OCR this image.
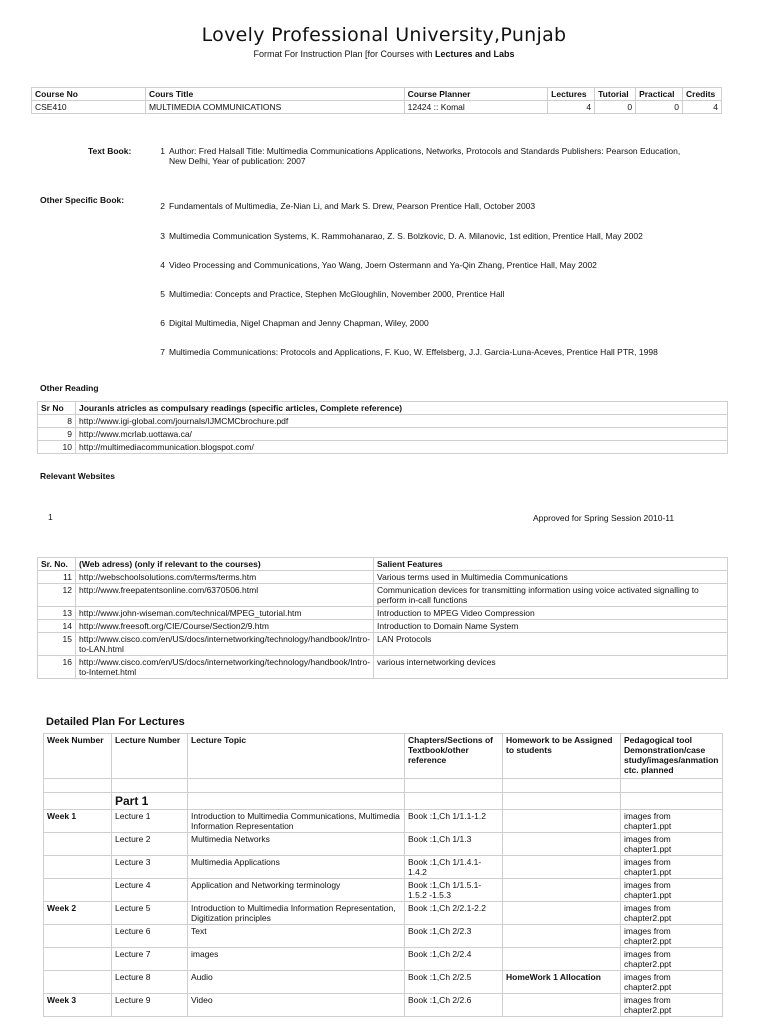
Lovely Professional University,Punjab
Format For Instruction Plan [for Courses with Lectures and Labs
Course No	Cours Title	Course Planner	Lectures	Tutorial	Practical	Credits
CSE410	MULTIMEDIA COMMUNICATIONS	12424 :: Komal	4	0	0	4
Text Book:	1 Author: Fred Halsall Title: Multimedia Communications Applications, Networks, Protocols and Standards Publishers: Pearson Education, New Delhi, Year of publication: 2007
Other Specific Book:
2 Fundamentals of Multimedia, Ze-Nian Li, and Mark S. Drew, Pearson Prentice Hall, October 2003
3 Multimedia Communication Systems, K. Rammohanarao, Z. S. Bolzkovic, D. A. Milanovic, 1st edition, Prentice Hall, May 2002
4 Video Processing and Communications, Yao Wang, Joern Ostermann and Ya-Qin Zhang, Prentice Hall, May 2002
5 Multimedia: Concepts and Practice, Stephen McGloughlin, November 2000, Prentice Hall
6 Digital Multimedia, Nigel Chapman and Jenny Chapman, Wiley, 2000
7 Multimedia Communications: Protocols and Applications, F. Kuo, W. Effelsberg, J.J. Garcia-Luna-Aceves, Prentice Hall PTR, 1998
Other Reading
Sr No	Jouranls atricles as compulsary readings (specific articles, Complete reference)
8	http://www.igi-global.com/journals/IJMCMCbrochure.pdf
9	http://www.mcrlab.uottawa.ca/
10	http://multimediacommunication.blogspot.com/
Relevant Websites
1	Approved for Spring Session 2010-11
Sr. No.	(Web adress) (only if relevant to the courses)	Salient Features
11	http://webschoolsolutions.com/terms/terms.htm	Various terms used in Multimedia Communications
12	http://www.freepatentsonline.com/6370506.html	Communication devices for transmitting information using voice activated signalling to perform in-call functions
13	http://www.john-wiseman.com/technical/MPEG_tutorial.htm	Introduction to MPEG Video Compression
14	http://www.freesoft.org/CIE/Course/Section2/9.htm	Introduction to Domain Name System
15	http://www.cisco.com/en/US/docs/internetworking/technology/handbook/Intro-to-LAN.html	LAN Protocols
16	http://www.cisco.com/en/US/docs/internetworking/technology/handbook/Intro-to-Internet.html	various internetworking devices
Detailed Plan For Lectures
Week Number	Lecture Number	Lecture Topic	Chapters/Sections of Textbook/other reference	Homework to be Assigned to students	Pedagogical tool Demonstration/case study/images/anmation ctc. planned

	Part 1				
Week 1	Lecture 1	Introduction to Multimedia Communications, Multimedia Information Representation	Book :1,Ch 1/1.1-1.2		images from chapter1.ppt
	Lecture 2	Multimedia Networks	Book :1,Ch 1/1.3		images from chapter1.ppt
	Lecture 3	Multimedia Applications	Book :1,Ch 1/1.4.1-1.4.2		images from chapter1.ppt
	Lecture 4	Application and Networking terminology	Book :1,Ch 1/1.5.1-1.5.2 -1.5.3		images from chapter1.ppt
Week 2	Lecture 5	Introduction to Multimedia Information Representation, Digitization principles	Book :1,Ch 2/2.1-2.2		images from chapter2.ppt
	Lecture 6	Text	Book :1,Ch 2/2.3		images from chapter2.ppt
	Lecture 7	images	Book :1,Ch 2/2.4		images from chapter2.ppt
	Lecture 8	Audio	Book :1,Ch 2/2.5	HomeWork 1 Allocation	images from chapter2.ppt
Week 3	Lecture 9	Video	Book :1,Ch 2/2.6		images from chapter2.ppt
